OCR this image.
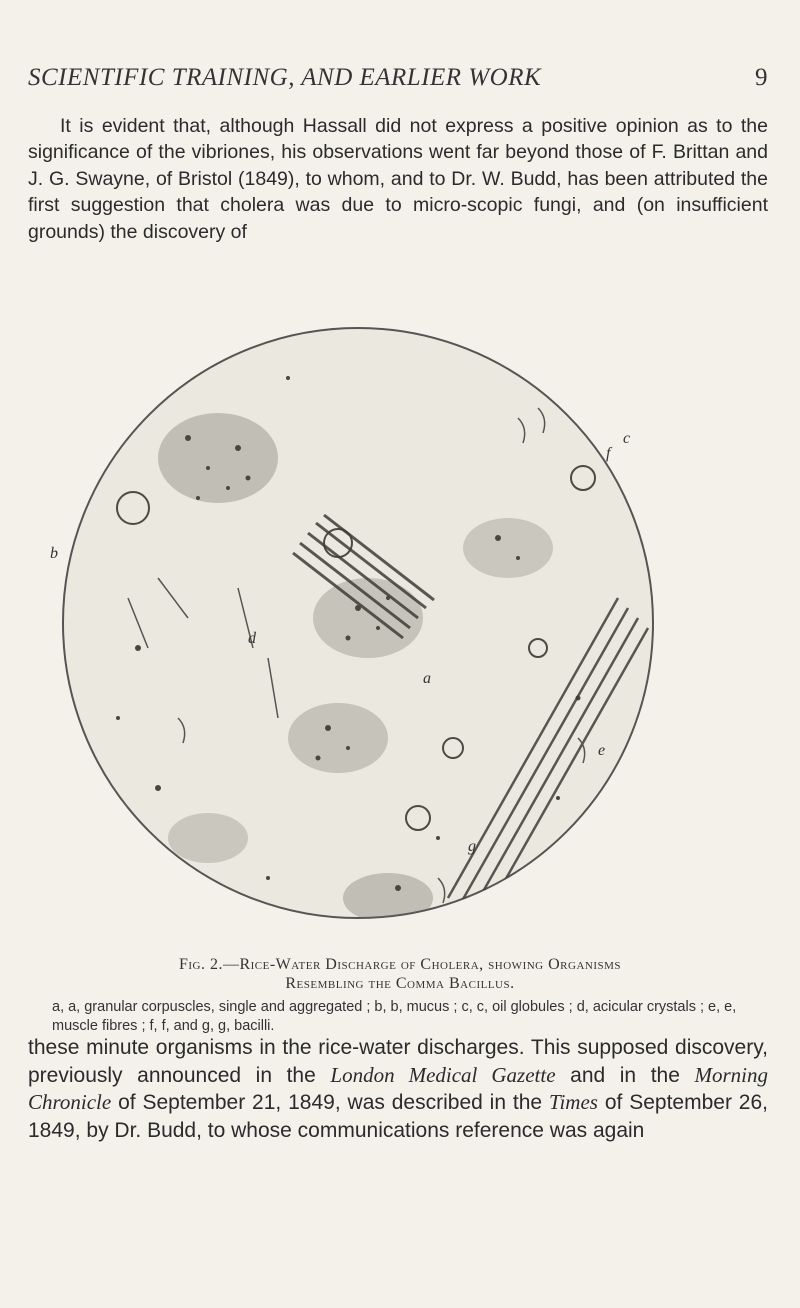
SCIENTIFIC TRAINING, AND EARLIER WORK	9
It is evident that, although Hassall did not express a positive opinion as to the significance of the vibriones, his observations went far beyond those of F. Brittan and J. G. Swayne, of Bristol (1849), to whom, and to Dr. W. Budd, has been attributed the first suggestion that cholera was due to micro-scopic fungi, and (on insufficient grounds) the discovery of
a
b
c
d
e
f
g
Fig. 2.—Rice-Water Discharge of Cholera, showing Organisms
Resembling the Comma Bacillus.
a, a, granular corpuscles, single and aggregated ; b, b, mucus ; c, c, oil globules ; d, acicular crystals ; e, e, muscle fibres ; f, f, and g, g, bacilli.
these minute organisms in the rice-water discharges. This supposed discovery, previously announced in the London Medical Gazette and in the Morning Chronicle of September 21, 1849, was described in the Times of September 26, 1849, by Dr. Budd, to whose communications reference was again
